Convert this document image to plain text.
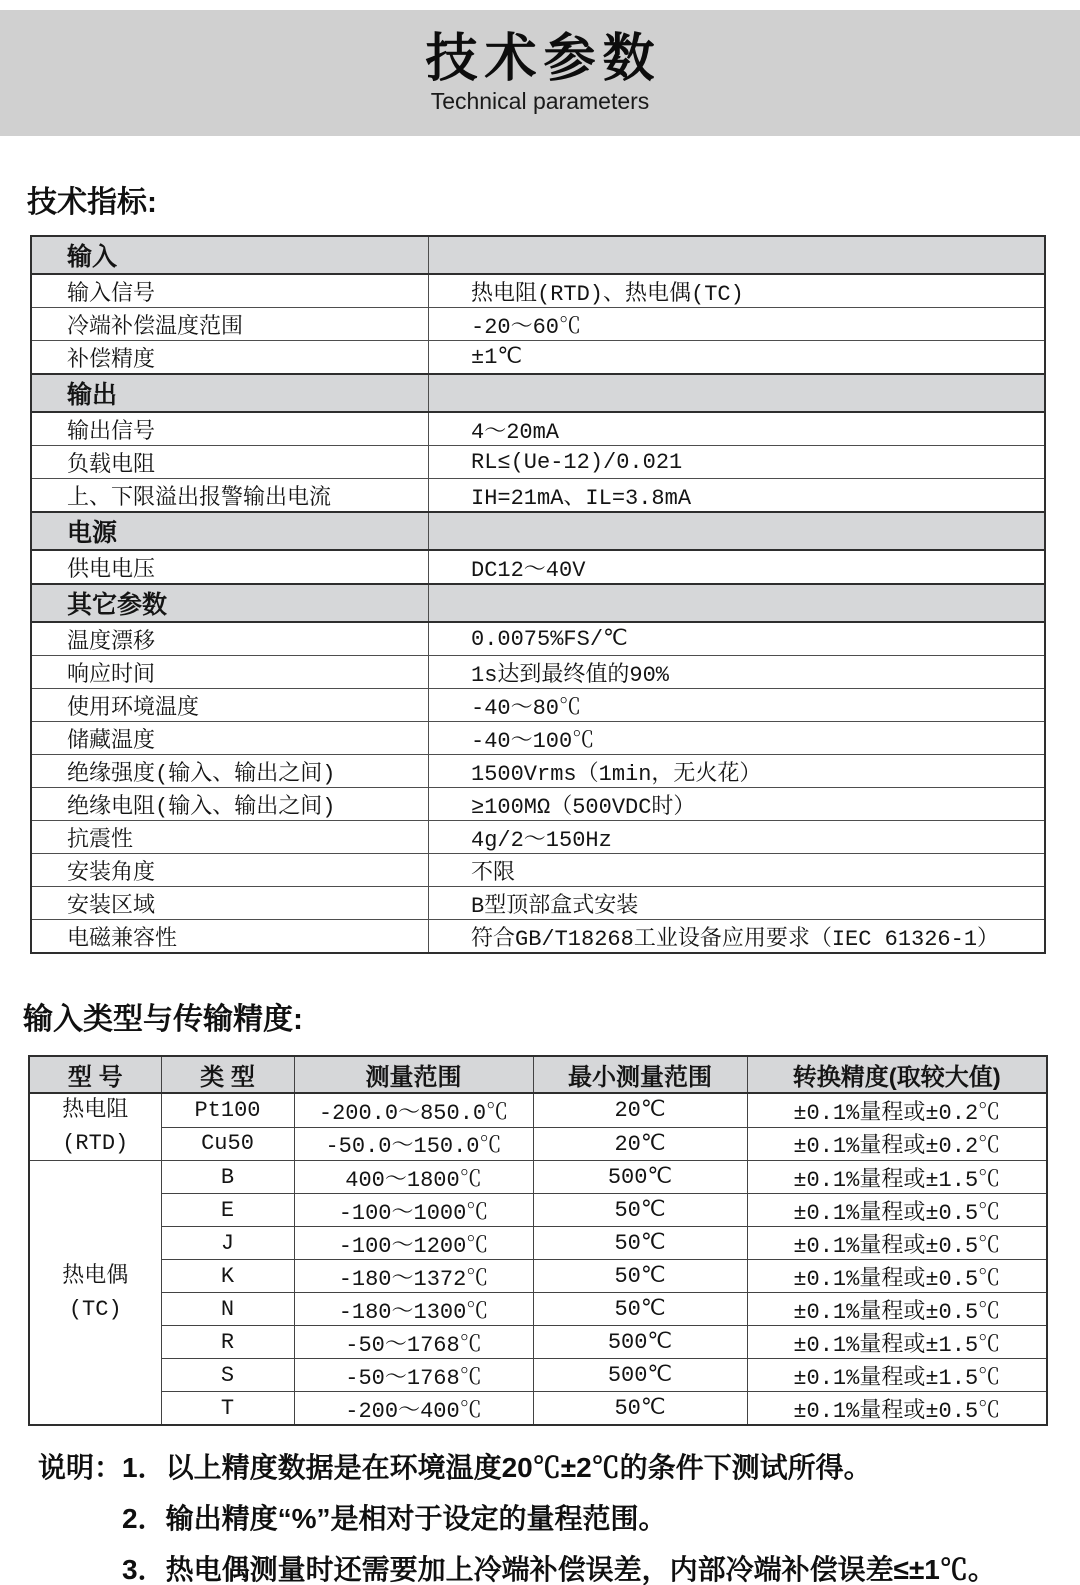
技术参数
Technical parameters
技术指标:
输入	
输入信号	热电阻(RTD)、热电偶(TC)
冷端补偿温度范围	-20～60℃
补偿精度	±1℃
输出	
输出信号	4～20mA
负载电阻	RL≤(Ue-12)/0.021
上、下限溢出报警输出电流	IH=21mA、IL=3.8mA
电源	
供电电压	DC12～40V
其它参数	
温度漂移	0.0075%FS/℃
响应时间	1s达到最终值的90%
使用环境温度	-40～80℃
储藏温度	-40～100℃
绝缘强度(输入、输出之间)	1500Vrms（1min，无火花）
绝缘电阻(输入、输出之间)	≥100MΩ（500VDC时）
抗震性	4g/2～150Hz
安装角度	不限
安装区域	B型顶部盒式安装
电磁兼容性	符合GB/T18268工业设备应用要求（IEC 61326-1）
输入类型与传输精度:
型 号	类 型	测量范围	最小测量范围	转换精度(取较大值)

热电阻
(RTD)	Pt100	-200.0～850.0℃	20℃	±0.1%量程或±0.2℃
	Cu50	-50.0～150.0℃	20℃	±0.1%量程或±0.2℃

热电偶
(TC)	B	400～1800℃	500℃	±0.1%量程或±1.5℃
	E	-100～1000℃	50℃	±0.1%量程或±0.5℃
	J	-100～1200℃	50℃	±0.1%量程或±0.5℃
	K	-180～1372℃	50℃	±0.1%量程或±0.5℃
	N	-180～1300℃	50℃	±0.1%量程或±0.5℃
	R	-50～1768℃	500℃	±0.1%量程或±1.5℃
	S	-50～1768℃	500℃	±0.1%量程或±1.5℃
	T	-200～400℃	50℃	±0.1%量程或±0.5℃
说明：1．以上精度数据是在环境温度20℃±2℃的条件下测试所得。
2．输出精度“%”是相对于设定的量程范围。
3．热电偶测量时还需要加上冷端补偿误差，内部冷端补偿误差≤±1℃。
